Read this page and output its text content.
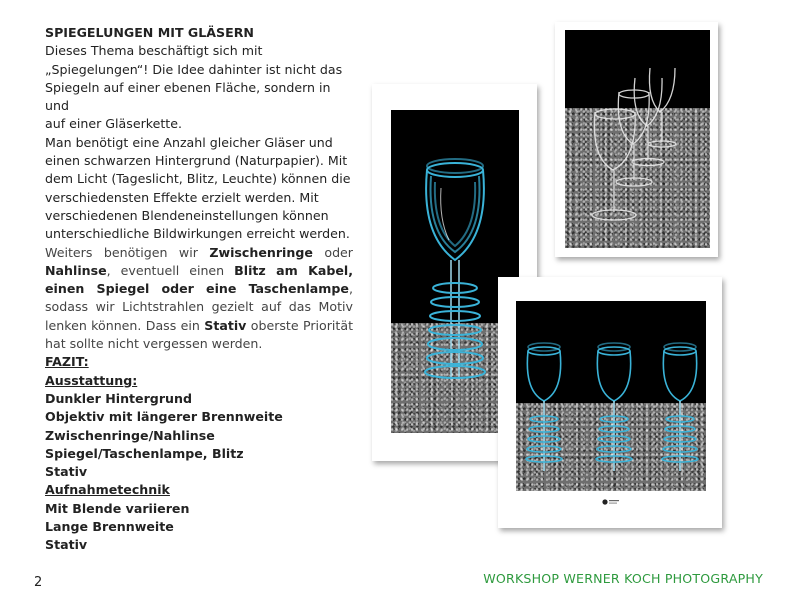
SPIEGELUNGEN MIT GLÄSERN

Dieses Thema beschäftigt sich mit

„Spiegelungen“! Die Idee dahinter ist nicht das

Spiegeln auf einer ebenen Fläche, sondern in und

auf einer Gläserkette.

Man benötigt eine Anzahl gleicher Gläser und

einen schwarzen Hintergrund (Naturpapier). Mit

dem Licht (Tageslicht, Blitz, Leuchte) können die

verschiedensten Effekte erzielt werden. Mit

verschiedenen Blendeneinstellungen können

unterschiedliche Bildwirkungen erreicht werden.

Weiters benötigen wir Zwischenringe oder Nahlinse, eventuell einen Blitz am Kabel, einen Spiegel oder eine Taschenlampe, sodass wir Lichtstrahlen gezielt auf das Motiv lenken können. Dass ein Stativ oberste Priorität hat sollte nicht vergessen werden.

FAZIT:

Ausstattung:

Dunkler Hintergrund

Objektiv mit längerer Brennweite

Zwischenringe/Nahlinse

Spiegel/Taschenlampe, Blitz

Stativ

Aufnahmetechnik

Mit Blende variieren

Lange Brennweite

Stativ

2	WORKSHOP WERNER KOCH PHOTOGRAPHY
